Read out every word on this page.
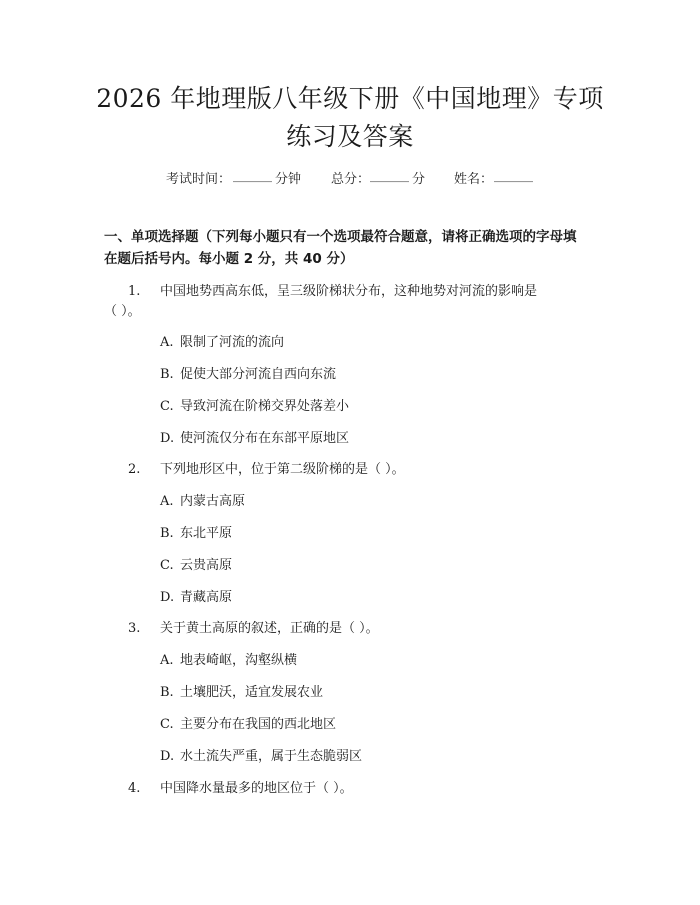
2026 年地理版八年级下册《中国地理》专项
练习及答案
考试时间： ______ 分钟 总分： ______ 分 姓名： ______
一、单项选择题（下列每小题只有一个选项最符合题意，请将正确选项的字母填
在题后括号内。每小题 2 分，共 40 分）
1. 中国地势西高东低，呈三级阶梯状分布，这种地势对河流的影响是
（ ）。
A. 限制了河流的流向
B. 促使大部分河流自西向东流
C. 导致河流在阶梯交界处落差小
D. 使河流仅分布在东部平原地区
2. 下列地形区中，位于第二级阶梯的是（ ）。
A. 内蒙古高原
B. 东北平原
C. 云贵高原
D. 青藏高原
3. 关于黄土高原的叙述，正确的是（ ）。
A. 地表崎岖，沟壑纵横
B. 土壤肥沃，适宜发展农业
C. 主要分布在我国的西北地区
D. 水土流失严重，属于生态脆弱区
4. 中国降水量最多的地区位于（ ）。
